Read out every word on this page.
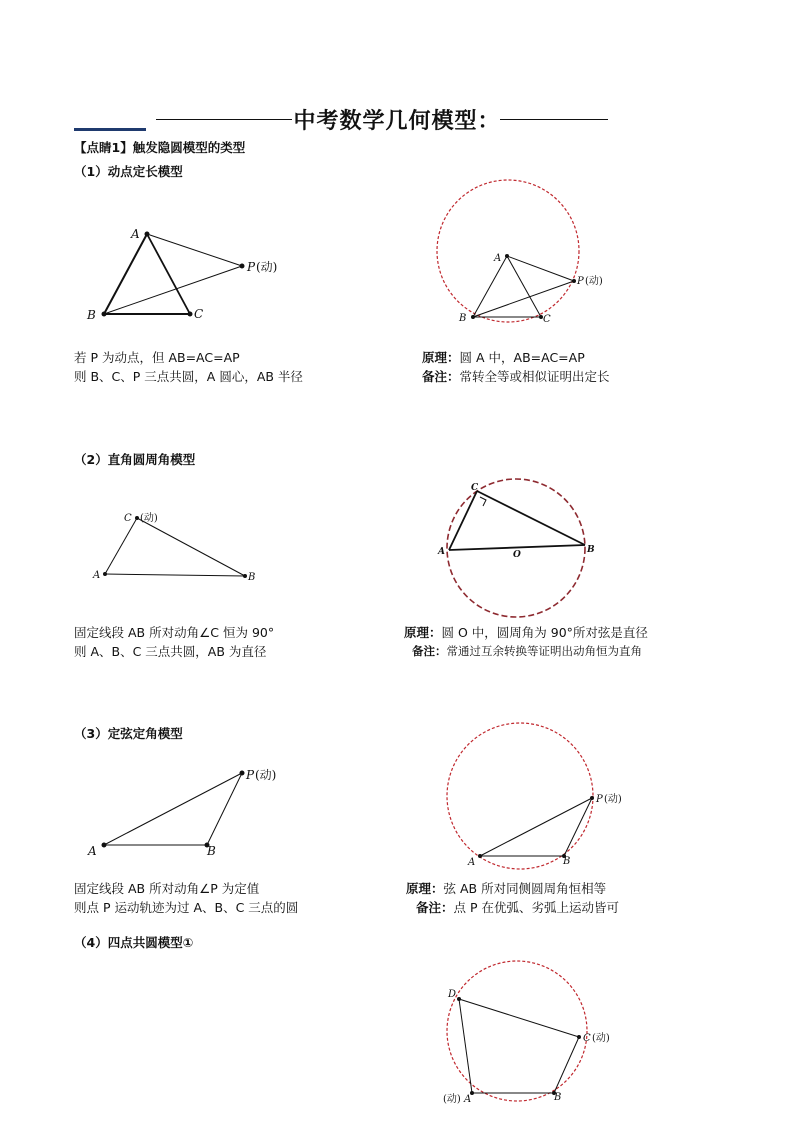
中考数学几何模型：
【点睛1】触发隐圆模型的类型
（1）动点定长模型
A
B	C
P (动)
A
B	C
P (动)
若 P 为动点，但 AB=AC=AP
则 B、C、P 三点共圆，A 圆心，AB 半径
原理：圆 A 中，AB=AC=AP
备注：常转全等或相似证明出定长
（2）直角圆周角模型
C (动)
A	B
C
A	B
O
固定线段 AB 所对动角∠C 恒为 90°
则 A、B、C 三点共圆，AB 为直径
原理：圆 O 中，圆周角为 90°所对弦是直径
备注：常通过互余转换等证明出动角恒为直角
（3）定弦定角模型
A	B
P (动)
A	B
P (动)
固定线段 AB 所对动角∠P 为定值
则点 P 运动轨迹为过 A、B、C 三点的圆
原理：弦 AB 所对同侧圆周角恒相等
备注：点 P 在优弧、劣弧上运动皆可
（4）四点共圆模型①
D
C (动)
B
(动) A
